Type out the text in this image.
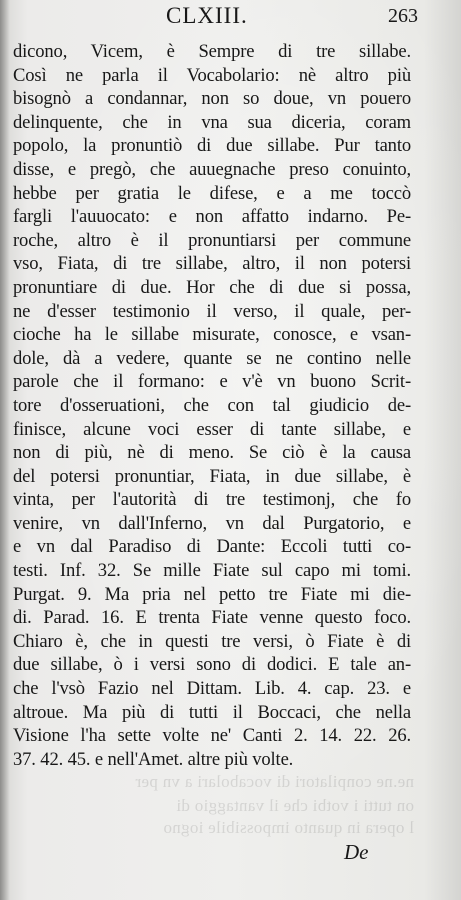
CLXIII.	263
dicono, Vicem, è Sempre di tre sillabe.
Così ne parla il Vocabolario: nè altro più
bisognò a condannar, non so doue, vn pouero
delinquente, che in vna sua diceria, coram
popolo, la pronuntiò di due sillabe. Pur tanto
disse, e pregò, che auuegnache preso conuinto,
hebbe per gratia le difese, e a me toccò
fargli l'auuocato: e non affatto indarno. Pe-
roche, altro è il pronuntiarsi per commune
vso, Fiata, di tre sillabe, altro, il non potersi
pronuntiare di due. Hor che di due si possa,
ne d'esser testimonio il verso, il quale, per-
cioche ha le sillabe misurate, conosce, e vsan-
dole, dà a vedere, quante se ne contino nelle
parole che il formano: e v'è vn buono Scrit-
tore d'osseruationi, che con tal giudicio de-
finisce, alcune voci esser di tante sillabe, e
non di più, nè di meno. Se ciò è la causa
del potersi pronuntiar, Fiata, in due sillabe, è
vinta, per l'autorità di tre testimonj, che fo
venire, vn dall'Inferno, vn dal Purgatorio, e
e vn dal Paradiso di Dante: Eccoli tutti co-
testi. Inf. 32. Se mille Fiate sul capo mi tomi.
Purgat. 9. Ma pria nel petto tre Fiate mi die-
di. Parad. 16. E trenta Fiate venne questo foco.
Chiaro è, che in questi tre versi, ò Fiate è di
due sillabe, ò i versi sono di dodici. E tale an-
che l'vsò Fazio nel Dittam. Lib. 4. cap. 23. e
altroue. Ma più di tutti il Boccaci, che nella
Visione l'ha sette volte ne' Canti 2. 14. 22. 26.
37. 42. 45. e nell'Amet. altre più volte.
ne.ne conpilatori di vocabolari a vn per
on tutti i votbi che il vantaggio di
l opera in quanto impossibile iogno
De
